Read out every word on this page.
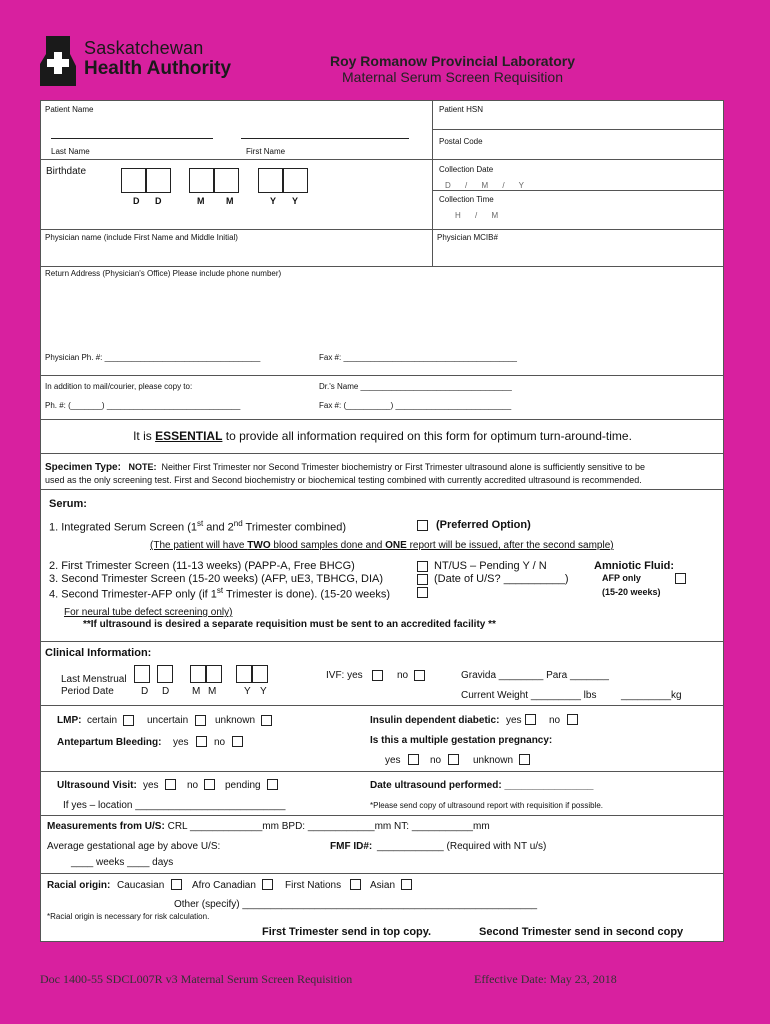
Saskatchewan
Health Authority	Roy Romanow Provincial Laboratory
Maternal Serum Screen Requisition
Patient Name	Patient HSN
Postal Code
Last Name	First Name
Birthdate
D D	M M	Y Y
Collection Date
D / M / Y
Collection Time
H / M
Physician name (include First Name and Middle Initial)	Physician MCIB#
Return Address (Physician's Office) Please include phone number)
Physician Ph. #: ___________________________________	Fax #: _______________________________________
In addition to mail/courier, please copy to:	Dr.'s Name __________________________________
Ph. #: (_______) ______________________________	Fax #: (__________) __________________________
It is ESSENTIAL to provide all information required on this form for optimum turn-around-time.
Specimen Type: NOTE: Neither First Trimester nor Second Trimester biochemistry or First Trimester ultrasound alone is sufficiently sensitive to be
used as the only screening test. First and Second biochemistry or biochemical testing combined with currently accredited ultrasound is recommended.
Serum:
1. Integrated Serum Screen (1st and 2nd Trimester combined)	(Preferred Option)
(The patient will have TWO blood samples done and ONE report will be issued, after the second sample)
2. First Trimester Screen (11-13 weeks) (PAPP-A, Free BHCG)
3. Second Trimester Screen (15-20 weeks) (AFP, uE3, TBHCG, DIA)
4. Second Trimester-AFP only (if 1st Trimester is done). (15-20 weeks)
NT/US – Pending Y / N
(Date of U/S? __________)
Amniotic Fluid:
AFP only
(15-20 weeks)
For neural tube defect screening only)
**If ultrasound is desired a separate requisition must be sent to an accredited facility **
Clinical Information:
Last Menstrual
Period Date	D D M M	Y Y
IVF: yes	no	Gravida ________ Para _______
Current Weight _________ lbs _________kg
LMP: certain	uncertain	unknown	Insulin dependent diabetic: yes	no
Antepartum Bleeding: yes	no	Is this a multiple gestation pregnancy:
yes	no	unknown
Ultrasound Visit: yes	no	pending	Date ultrasound performed: ________________
If yes – location ___________________________	*Please send copy of ultrasound report with requisition if possible.
Measurements from U/S: CRL _____________mm BPD: ____________mm NT: ___________mm
Average gestational age by above U/S:	FMF ID#: ____________ (Required with NT u/s)
____ weeks ____ days
Racial origin: Caucasian	Afro Canadian	First Nations	Asian
Other (specify) _____________________________________________________
*Racial origin is necessary for risk calculation.
First Trimester send in top copy.	Second Trimester send in second copy
Doc 1400-55 SDCL007R v3 Maternal Serum Screen Requisition	Effective Date: May 23, 2018
